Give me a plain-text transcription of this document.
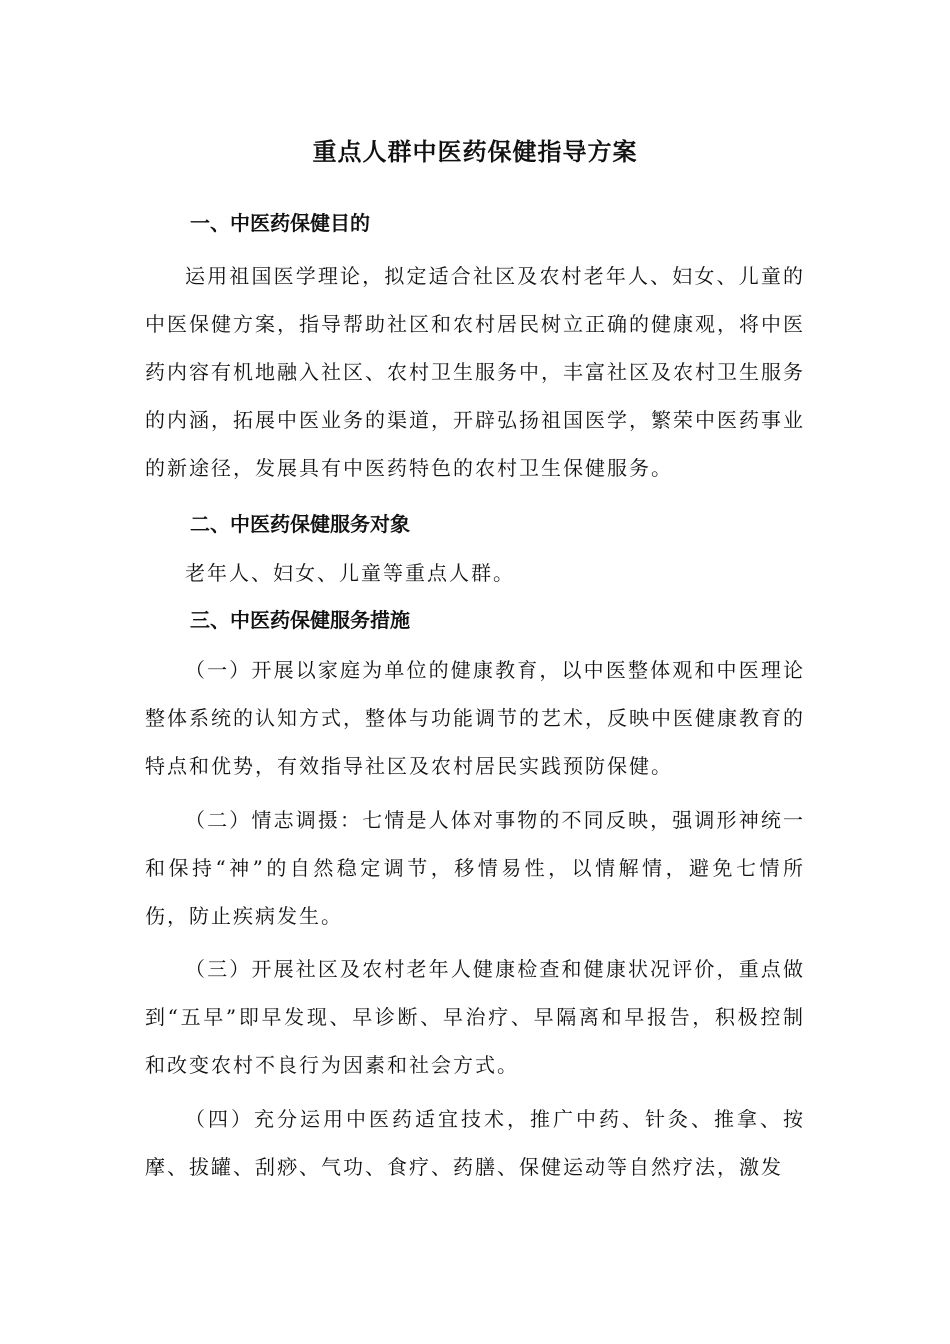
重点人群中医药保健指导方案
一、中医药保健目的

运用祖国医学理论，拟定适合社区及农村老年人、妇女、儿童的中医保健方案，指导帮助社区和农村居民树立正确的健康观，将中医药内容有机地融入社区、农村卫生服务中，丰富社区及农村卫生服务的内涵，拓展中医业务的渠道，开辟弘扬祖国医学，繁荣中医药事业的新途径，发展具有中医药特色的农村卫生保健服务。

二、中医药保健服务对象

老年人、妇女、儿童等重点人群。

三、中医药保健服务措施

（一）开展以家庭为单位的健康教育，以中医整体观和中医理论整体系统的认知方式，整体与功能调节的艺术，反映中医健康教育的特点和优势，有效指导社区及农村居民实践预防保健。

（二）情志调摄：七情是人体对事物的不同反映，强调形神统一和保持“神”的自然稳定调节，移情易性，以情解情，避免七情所伤，防止疾病发生。

（三）开展社区及农村老年人健康检查和健康状况评价，重点做到“五早”即早发现、早诊断、早治疗、早隔离和早报告，积极控制和改变农村不良行为因素和社会方式。

（四）充分运用中医药适宜技术，推广中药、针灸、推拿、按摩、拔罐、刮痧、气功、食疗、药膳、保健运动等自然疗法，激发
